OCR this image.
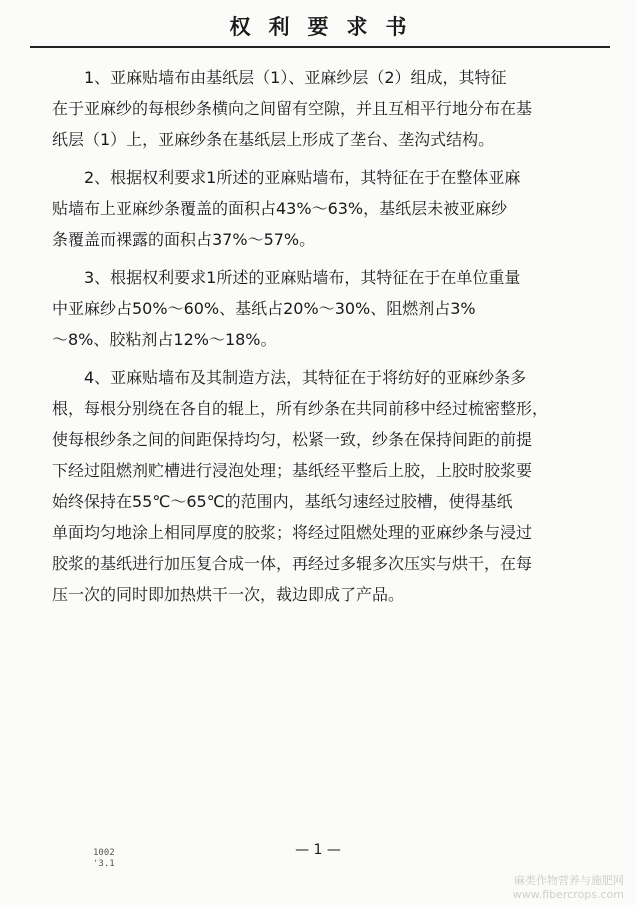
权利要求书
1、亚麻贴墙布由基纸层（1）、亚麻纱层（2）组成，其特征
在于亚麻纱的每根纱条横向之间留有空隙，并且互相平行地分布在基
纸层（1）上，亚麻纱条在基纸层上形成了垄台、垄沟式结构。
2、根据权利要求1所述的亚麻贴墙布，其特征在于在整体亚麻
贴墙布上亚麻纱条覆盖的面积占43%～63%，基纸层未被亚麻纱
条覆盖而裸露的面积占37%～57%。
3、根据权利要求1所述的亚麻贴墙布，其特征在于在单位重量
中亚麻纱占50%～60%、基纸占20%～30%、阻燃剂占3%
～8%、胶粘剂占12%～18%。
4、亚麻贴墙布及其制造方法，其特征在于将纺好的亚麻纱条多
根，每根分别绕在各自的辊上，所有纱条在共同前移中经过梳密整形，
使每根纱条之间的间距保持均匀，松紧一致，纱条在保持间距的前提
下经过阻燃剂贮槽进行浸泡处理；基纸经平整后上胶，上胶时胶浆要
始终保持在55℃～65℃的范围内，基纸匀速经过胶槽，使得基纸
单面均匀地涂上相同厚度的胶浆；将经过阻燃处理的亚麻纱条与浸过
胶浆的基纸进行加压复合成一体，再经过多辊多次压实与烘干，在每
压一次的同时即加热烘干一次，裁边即成了产品。
— 1 —
1002
'3.1
麻类作物营养与施肥网
www.fibercrops.com
